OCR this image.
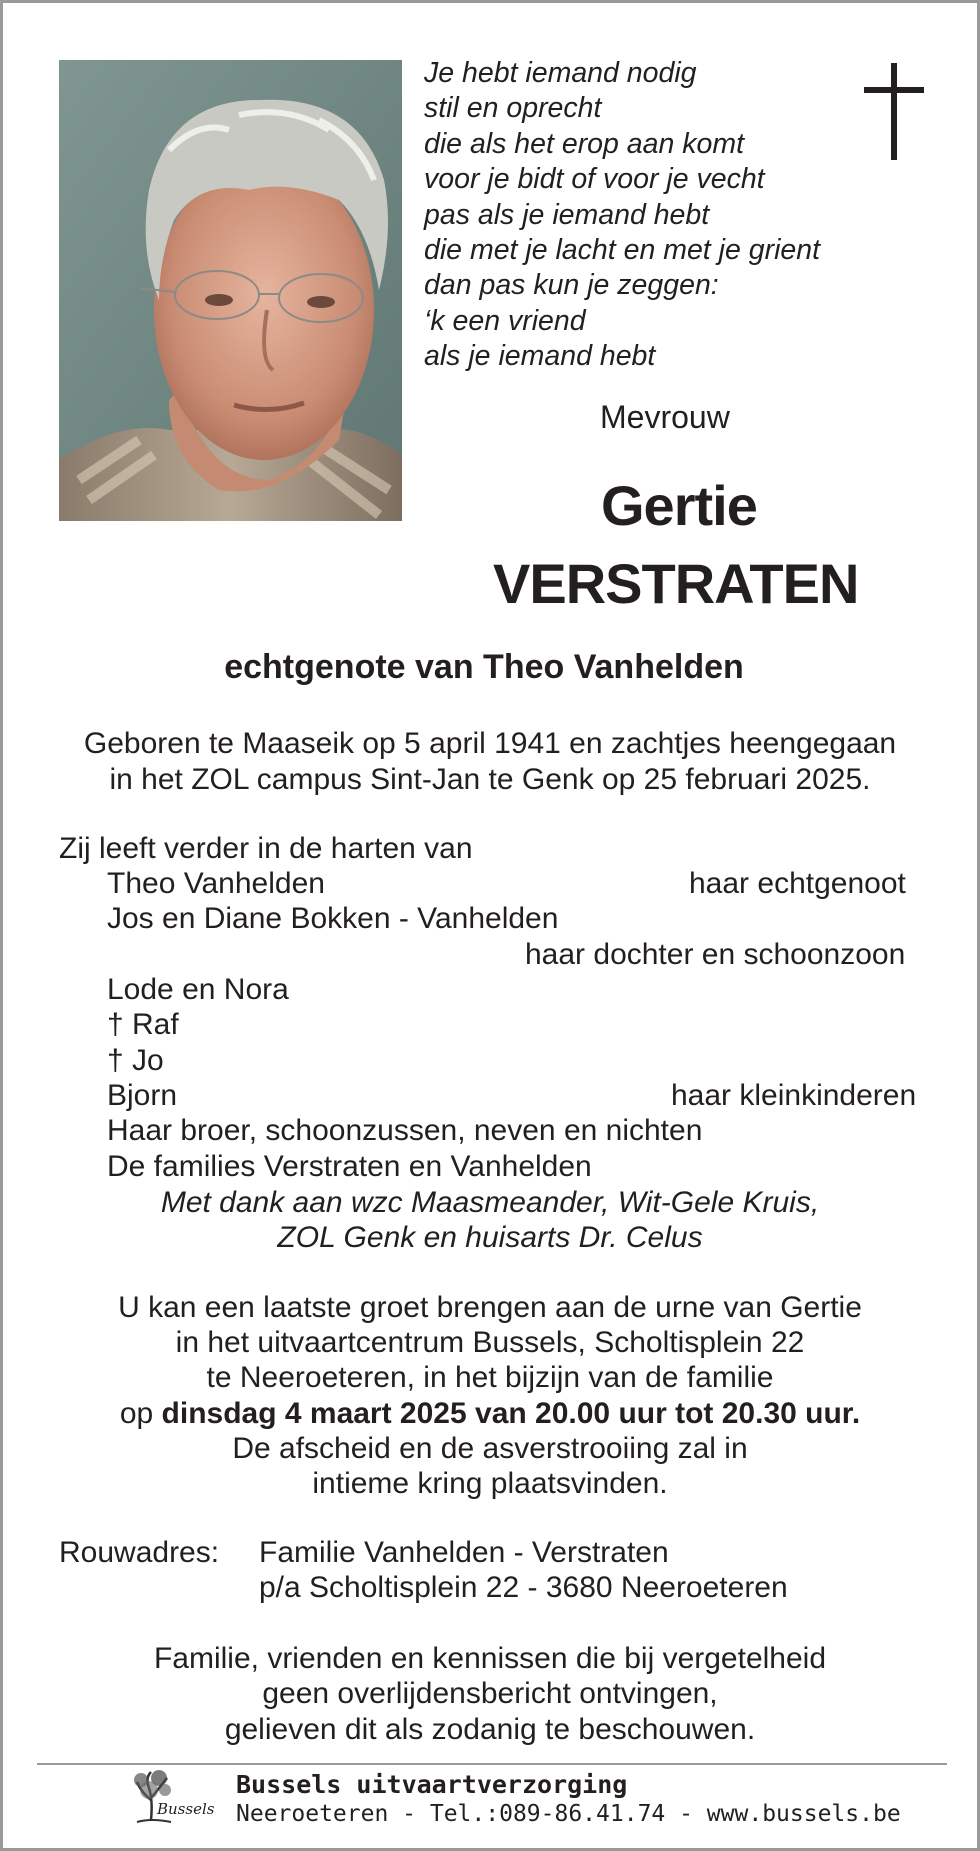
Je hebt iemand nodig
stil en oprecht
die als het erop aan komt
voor je bidt of voor je vecht
pas als je iemand hebt
die met je lacht en met je grient
dan pas kun je zeggen:
‘k een vriend
als je iemand hebt
Mevrouw
Gertie
VERSTRATEN
echtgenote van Theo Vanhelden
Geboren te Maaseik op 5 april 1941 en zachtjes heengegaan
in het ZOL campus Sint-Jan te Genk op 25 februari 2025.
Zij leeft verder in de harten van
Theo Vanhelden	haar echtgenoot
Jos en Diane Bokken - Vanhelden
haar dochter en schoonzoon
Lode en Nora
† Raf
† Jo
Bjorn	haar kleinkinderen
Haar broer, schoonzussen, neven en nichten
De families Verstraten en Vanhelden
Met dank aan wzc Maasmeander, Wit-Gele Kruis,
ZOL Genk en huisarts Dr. Celus
U kan een laatste groet brengen aan de urne van Gertie
in het uitvaartcentrum Bussels, Scholtisplein 22
te Neeroeteren, in het bijzijn van de familie
op dinsdag 4 maart 2025 van 20.00 uur tot 20.30 uur.
De afscheid en de asverstrooiing zal in
intieme kring plaatsvinden.
Rouwadres: Familie Vanhelden - Verstraten
p/a Scholtisplein 22 - 3680 Neeroeteren
Familie, vrienden en kennissen die bij vergetelheid
geen overlijdensbericht ontvingen,
gelieven dit als zodanig te beschouwen.
Bussels
Bussels uitvaartverzorging
Neeroeteren - Tel.:089-86.41.74 - www.bussels.be
